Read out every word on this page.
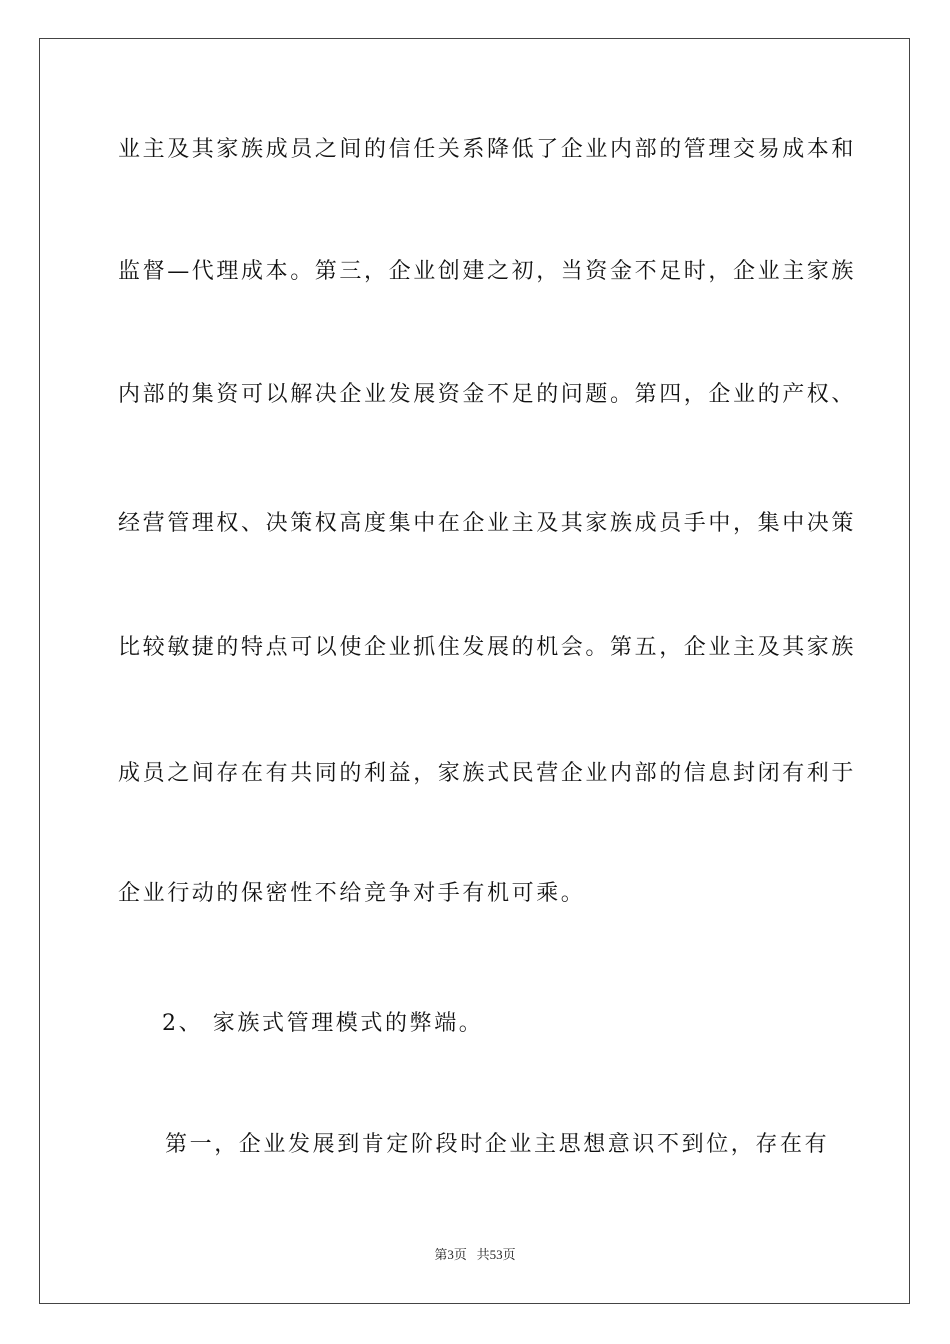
业主及其家族成员之间的信任关系降低了企业内部的管理交易成本和
监督—代理成本。第三，企业创建之初，当资金不足时，企业主家族
内部的集资可以解决企业发展资金不足的问题。第四，企业的产权、
经营管理权、决策权高度集中在企业主及其家族成员手中，集中决策
比较敏捷的特点可以使企业抓住发展的机会。第五，企业主及其家族
成员之间存在有共同的利益，家族式民营企业内部的信息封闭有利于
企业行动的保密性不给竞争对手有机可乘。
2、 家族式管理模式的弊端。
第一，企业发展到肯定阶段时企业主思想意识不到位，存在有
第3页 共53页
